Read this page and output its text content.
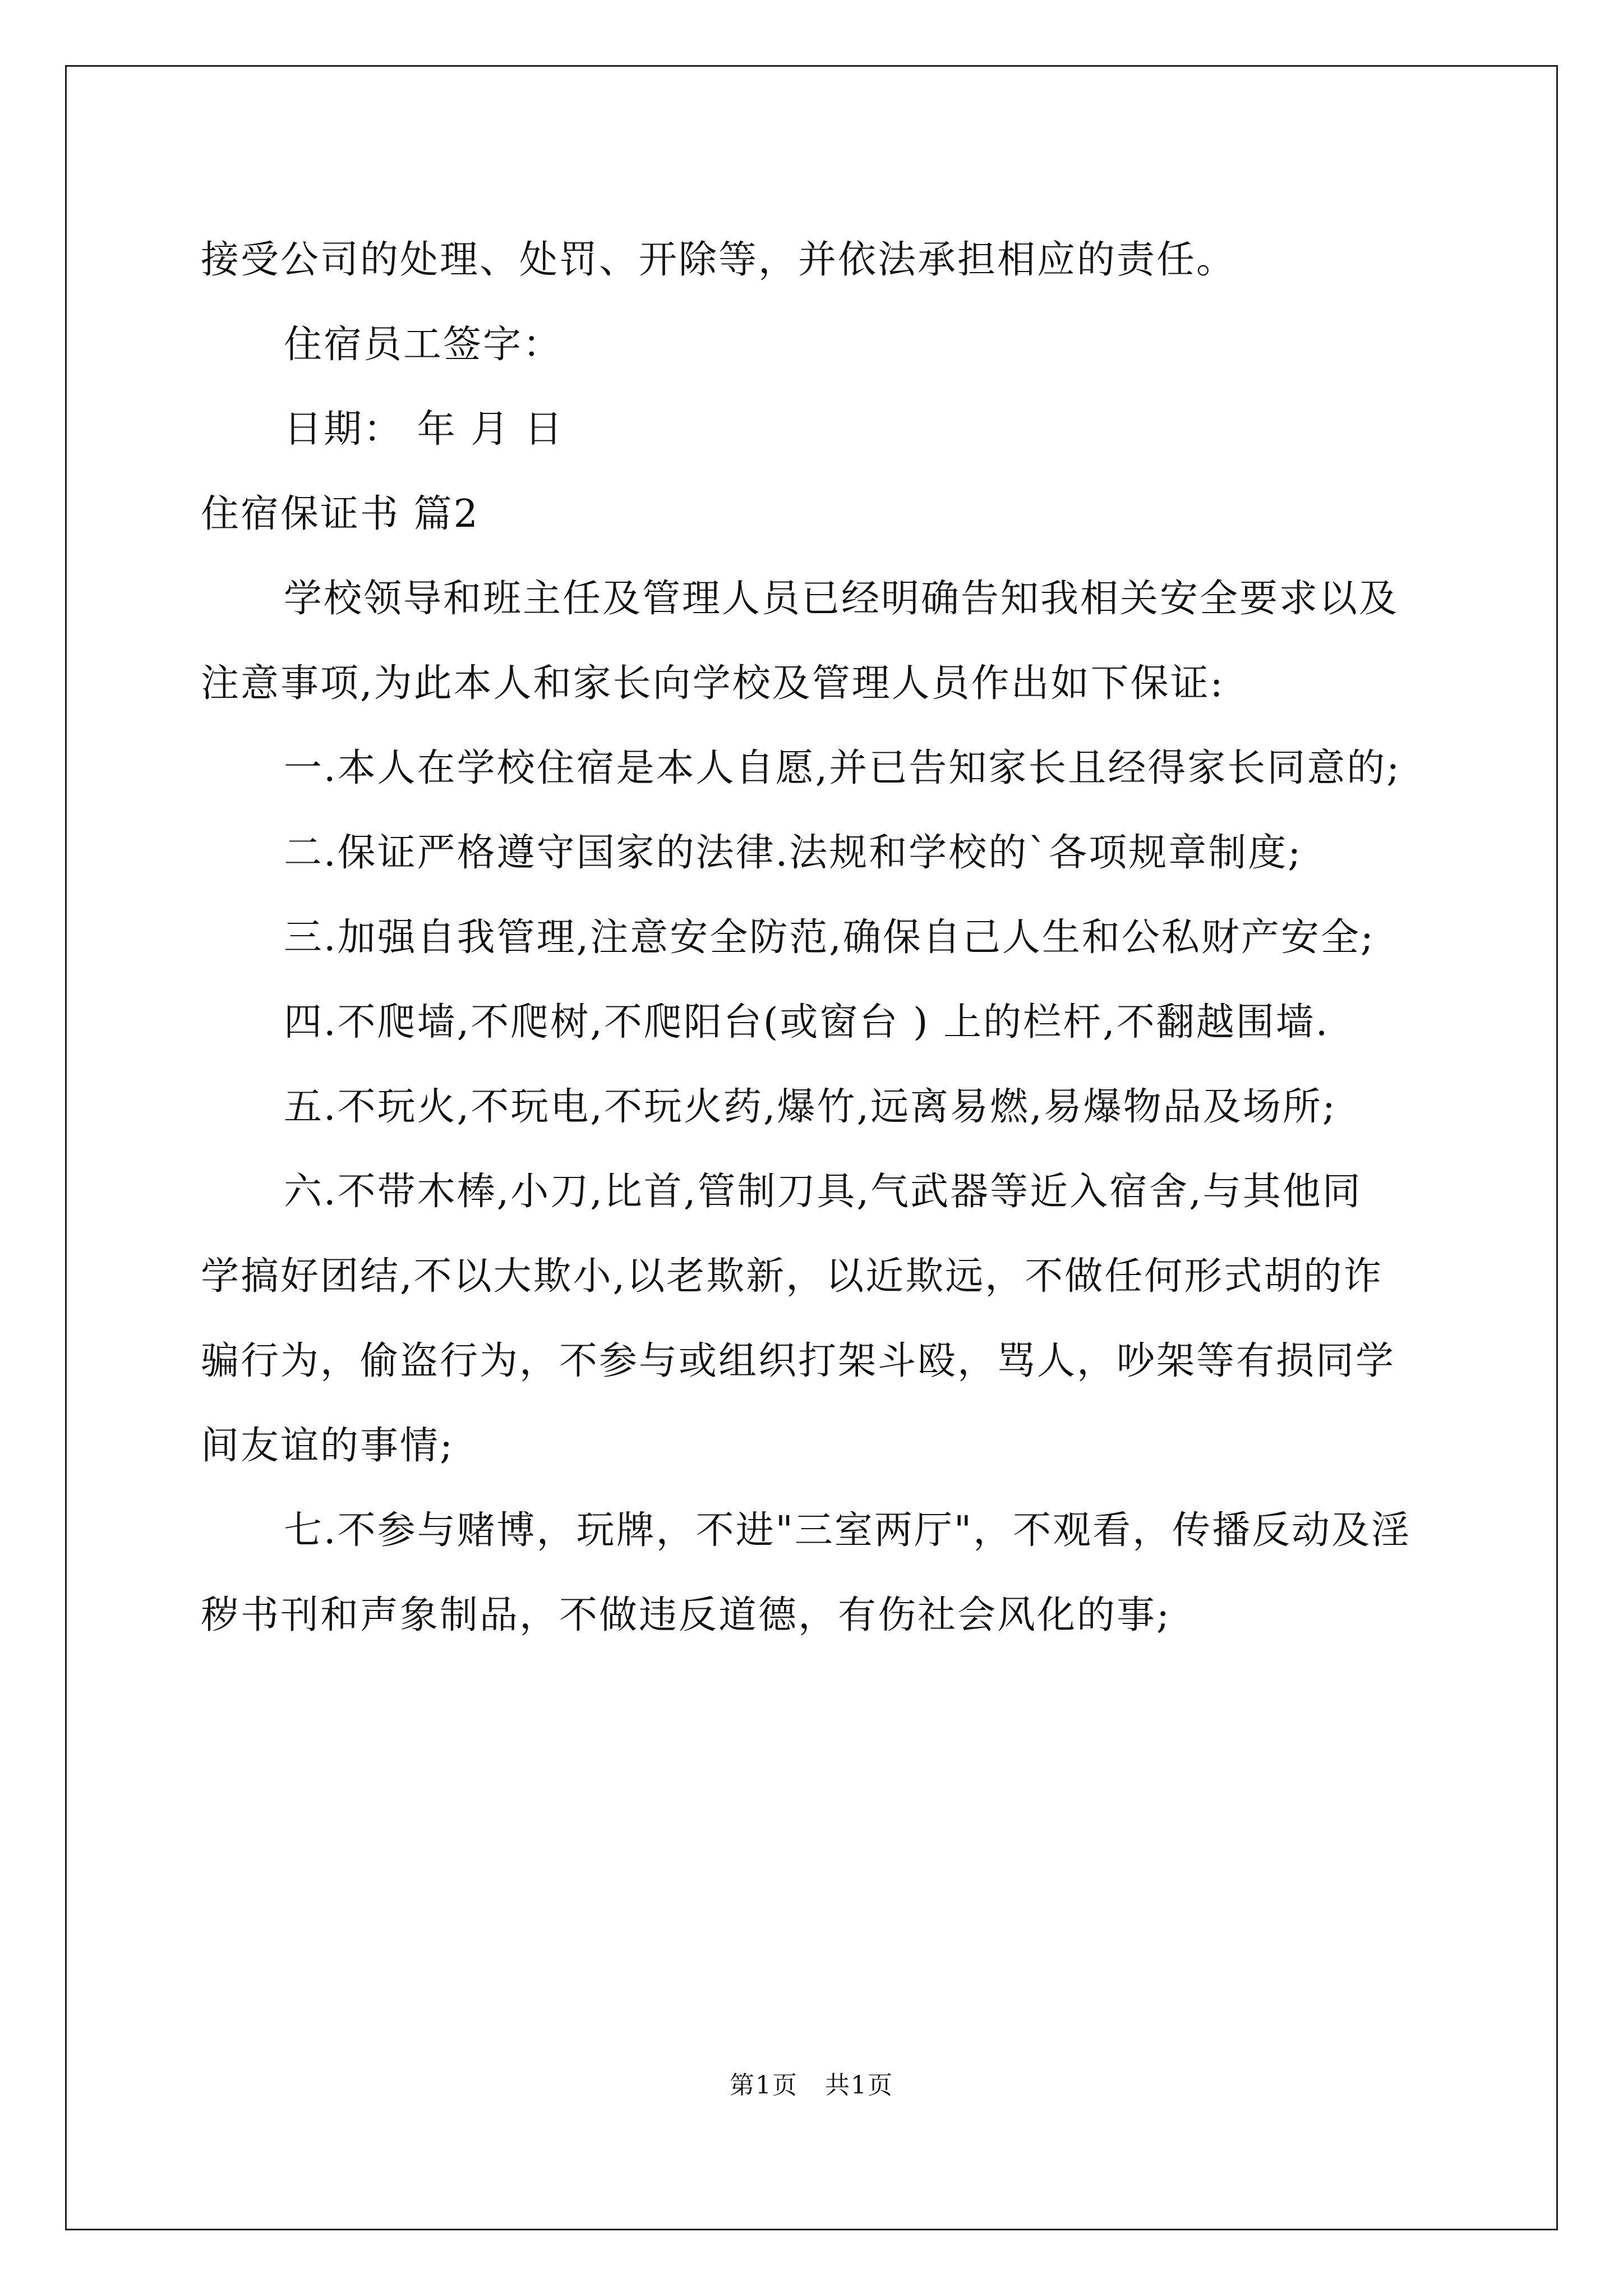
接受公司的处理、处罚、开除等，并依法承担相应的责任。
住宿员工签字：
日期： 年 月 日
住宿保证书 篇2
学校领导和班主任及管理人员已经明确告知我相关安全要求以及
注意事项,为此本人和家长向学校及管理人员作出如下保证:
一.本人在学校住宿是本人自愿,并已告知家长且经得家长同意的;
二.保证严格遵守国家的法律.法规和学校的`各项规章制度;
三.加强自我管理,注意安全防范,确保自己人生和公私财产安全;
四.不爬墙,不爬树,不爬阳台(或窗台 ) 上的栏杆,不翻越围墙.
五.不玩火,不玩电,不玩火药,爆竹,远离易燃,易爆物品及场所;
六.不带木棒,小刀,比首,管制刀具,气武器等近入宿舍,与其他同
学搞好团结,不以大欺小,以老欺新，以近欺远，不做任何形式胡的诈
骗行为，偷盗行为，不参与或组织打架斗殴，骂人，吵架等有损同学
间友谊的事情;
七.不参与赌博，玩牌，不进"三室两厅"，不观看，传播反动及淫
秽书刊和声象制品，不做违反道德，有伤社会风化的事;
第1页 共1页
